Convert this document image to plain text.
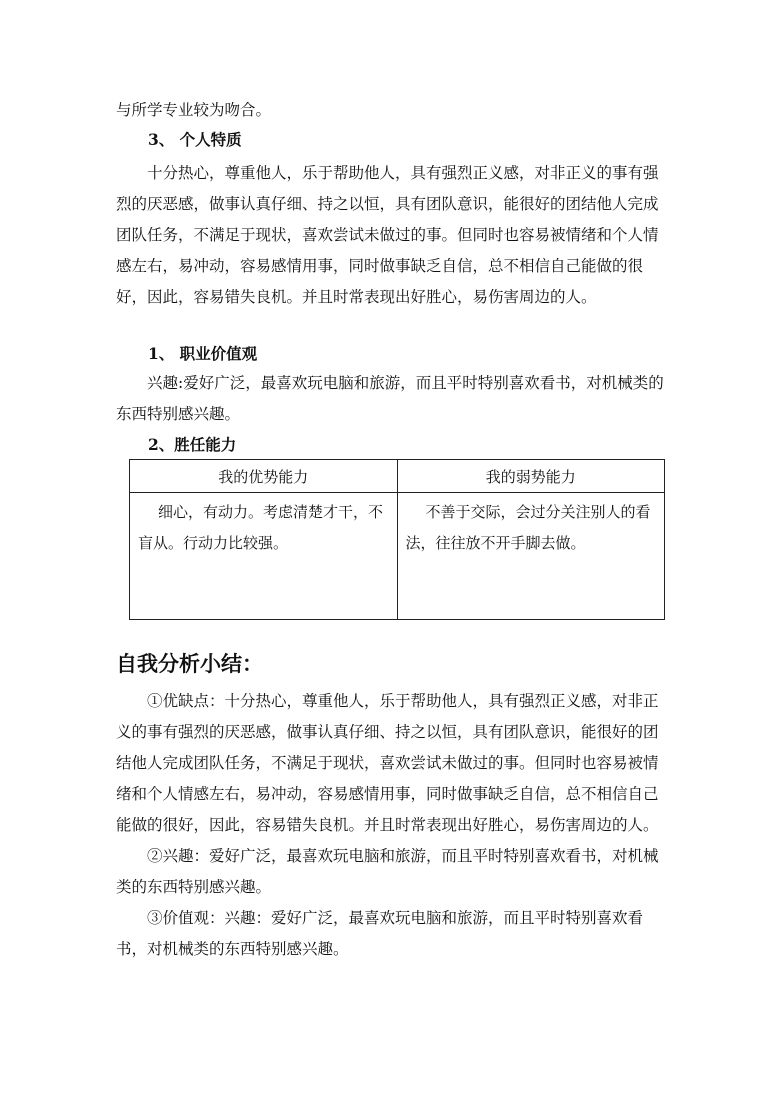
与所学专业较为吻合。

3、 个人特质

十分热心，尊重他人，乐于帮助他人，具有强烈正义感，对非正义的事有强烈的厌恶感，做事认真仔细、持之以恒，具有团队意识，能很好的团结他人完成团队任务，不满足于现状，喜欢尝试未做过的事。但同时也容易被情绪和个人情感左右，易冲动，容易感情用事，同时做事缺乏自信，总不相信自己能做的很好，因此，容易错失良机。并且时常表现出好胜心，易伤害周边的人。

1、 职业价值观

兴趣:爱好广泛，最喜欢玩电脑和旅游，而且平时特别喜欢看书，对机械类的东西特别感兴趣。

2、胜任能力

我的优势能力	我的弱势能力
细心，有动力。考虑清楚才干，不盲从。行动力比较强。	不善于交际，会过分关注别人的看法，往往放不开手脚去做。

自我分析小结：

①优缺点：十分热心，尊重他人，乐于帮助他人，具有强烈正义感，对非正义的事有强烈的厌恶感，做事认真仔细、持之以恒，具有团队意识，能很好的团结他人完成团队任务，不满足于现状，喜欢尝试未做过的事。但同时也容易被情绪和个人情感左右，易冲动，容易感情用事，同时做事缺乏自信，总不相信自己能做的很好，因此，容易错失良机。并且时常表现出好胜心，易伤害周边的人。

②兴趣：爱好广泛，最喜欢玩电脑和旅游，而且平时特别喜欢看书，对机械类的东西特别感兴趣。

③价值观：兴趣：爱好广泛，最喜欢玩电脑和旅游，而且平时特别喜欢看书，对机械类的东西特别感兴趣。
